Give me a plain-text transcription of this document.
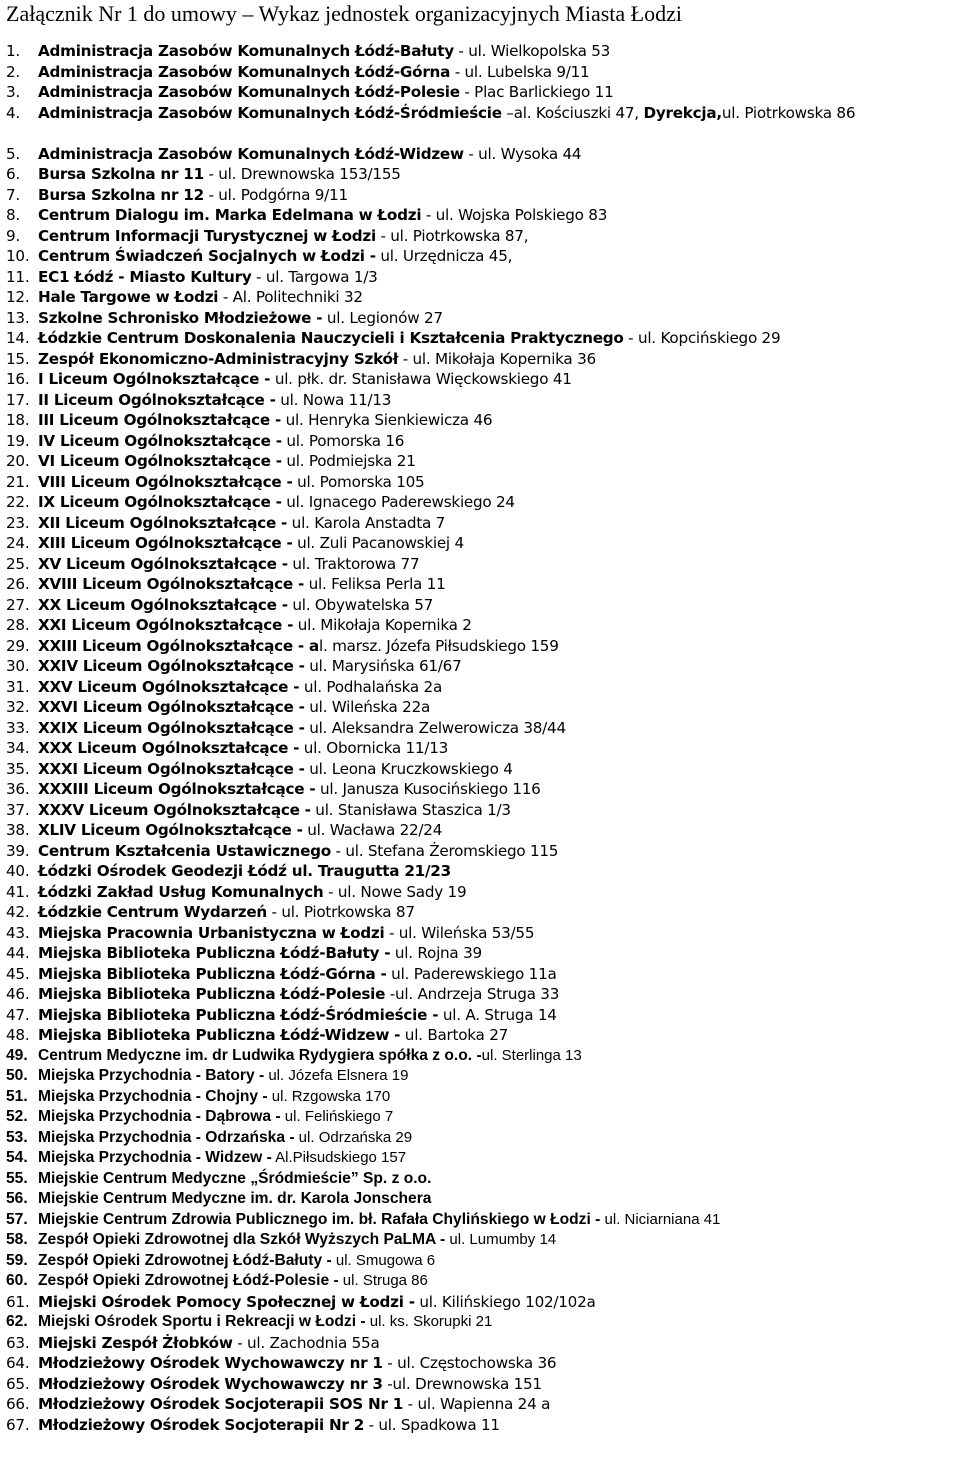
Załącznik Nr 1 do umowy – Wykaz jednostek organizacyjnych Miasta Łodzi
1.	Administracja Zasobów Komunalnych Łódź-Bałuty - ul. Wielkopolska 53
2.	Administracja Zasobów Komunalnych Łódź-Górna - ul. Lubelska 9/11
3.	Administracja Zasobów Komunalnych Łódź-Polesie - Plac Barlickiego 11
4.	Administracja Zasobów Komunalnych Łódź-Śródmieście –al. Kościuszki 47, Dyrekcja,ul. Piotrkowska 86
5.	Administracja Zasobów Komunalnych Łódź-Widzew - ul. Wysoka 44
6.	Bursa Szkolna nr 11 - ul. Drewnowska 153/155
7.	Bursa Szkolna nr 12 - ul. Podgórna 9/11
8.	Centrum Dialogu im. Marka Edelmana w Łodzi - ul. Wojska Polskiego 83
9.	Centrum Informacji Turystycznej w Łodzi - ul. Piotrkowska 87,
10. Centrum Świadczeń Socjalnych w Łodzi - ul. Urzędnicza 45,
11. EC1 Łódź - Miasto Kultury - ul. Targowa 1/3
12. Hale Targowe w Łodzi - Al. Politechniki 32
13. Szkolne Schronisko Młodzieżowe - ul. Legionów 27
14. Łódzkie Centrum Doskonalenia Nauczycieli i Kształcenia Praktycznego - ul. Kopcińskiego 29
15. Zespół Ekonomiczno-Administracyjny Szkół - ul. Mikołaja Kopernika 36
16. I Liceum Ogólnokształcące - ul. płk. dr. Stanisława Więckowskiego 41
17. II Liceum Ogólnokształcące - ul. Nowa 11/13
18. III Liceum Ogólnokształcące - ul. Henryka Sienkiewicza 46
19. IV Liceum Ogólnokształcące - ul. Pomorska 16
20. VI Liceum Ogólnokształcące - ul. Podmiejska 21
21. VIII Liceum Ogólnokształcące - ul. Pomorska 105
22. IX Liceum Ogólnokształcące - ul. Ignacego Paderewskiego 24
23. XII Liceum Ogólnokształcące - ul. Karola Anstadta 7
24. XIII Liceum Ogólnokształcące - ul. Zuli Pacanowskiej 4
25. XV Liceum Ogólnokształcące - ul. Traktorowa 77
26. XVIII Liceum Ogólnokształcące - ul. Feliksa Perla 11
27. XX Liceum Ogólnokształcące - ul. Obywatelska 57
28. XXI Liceum Ogólnokształcące - ul. Mikołaja Kopernika 2
29. XXIII Liceum Ogólnokształcące - al. marsz. Józefa Piłsudskiego 159
30. XXIV Liceum Ogólnokształcące - ul. Marysińska 61/67
31. XXV Liceum Ogólnokształcące - ul. Podhalańska 2a
32. XXVI Liceum Ogólnokształcące - ul. Wileńska 22a
33. XXIX Liceum Ogólnokształcące - ul. Aleksandra Zelwerowicza 38/44
34. XXX Liceum Ogólnokształcące - ul. Obornicka 11/13
35. XXXI Liceum Ogólnokształcące - ul. Leona Kruczkowskiego 4
36. XXXIII Liceum Ogólnokształcące - ul. Janusza Kusocińskiego 116
37. XXXV Liceum Ogólnokształcące - ul. Stanisława Staszica 1/3
38. XLIV Liceum Ogólnokształcące - ul. Wacława 22/24
39. Centrum Kształcenia Ustawicznego - ul. Stefana Żeromskiego 115
40. Łódzki Ośrodek Geodezji Łódź ul. Traugutta 21/23
41. Łódzki Zakład Usług Komunalnych - ul. Nowe Sady 19
42. Łódzkie Centrum Wydarzeń - ul. Piotrkowska 87
43. Miejska Pracownia Urbanistyczna w Łodzi - ul. Wileńska 53/55
44. Miejska Biblioteka Publiczna Łódź-Bałuty - ul. Rojna 39
45. Miejska Biblioteka Publiczna Łódź-Górna - ul. Paderewskiego 11a
46. Miejska Biblioteka Publiczna Łódź-Polesie -ul. Andrzeja Struga 33
47. Miejska Biblioteka Publiczna Łódź-Śródmieście - ul. A. Struga 14
48. Miejska Biblioteka Publiczna Łódź-Widzew - ul. Bartoka 27
49. Centrum Medyczne im. dr Ludwika Rydygiera spółka z o.o. -ul. Sterlinga 13
50. Miejska Przychodnia - Batory - ul. Józefa Elsnera 19
51. Miejska Przychodnia - Chojny - ul. Rzgowska 170
52. Miejska Przychodnia - Dąbrowa - ul. Felińskiego 7
53. Miejska Przychodnia - Odrzańska - ul. Odrzańska 29
54. Miejska Przychodnia - Widzew - Al.Piłsudskiego 157
55. Miejskie Centrum Medyczne „Śródmieście” Sp. z o.o.
56. Miejskie Centrum Medyczne im. dr. Karola Jonschera
57. Miejskie Centrum Zdrowia Publicznego im. bł. Rafała Chylińskiego w Łodzi - ul. Niciarniana 41
58. Zespół Opieki Zdrowotnej dla Szkół Wyższych PaLMA - ul. Lumumby 14
59. Zespół Opieki Zdrowotnej Łódź-Bałuty - ul. Smugowa 6
60. Zespół Opieki Zdrowotnej Łódź-Polesie - ul. Struga 86
61. Miejski Ośrodek Pomocy Społecznej w Łodzi - ul. Kilińskiego 102/102a
62. Miejski Ośrodek Sportu i Rekreacji w Łodzi - ul. ks. Skorupki 21
63. Miejski Zespół Żłobków - ul. Zachodnia 55a
64. Młodzieżowy Ośrodek Wychowawczy nr 1 - ul. Częstochowska 36
65. Młodzieżowy Ośrodek Wychowawczy nr 3 -ul. Drewnowska 151
66. Młodzieżowy Ośrodek Socjoterapii SOS Nr 1 - ul. Wapienna 24 a
67. Młodzieżowy Ośrodek Socjoterapii Nr 2 - ul. Spadkowa 11
